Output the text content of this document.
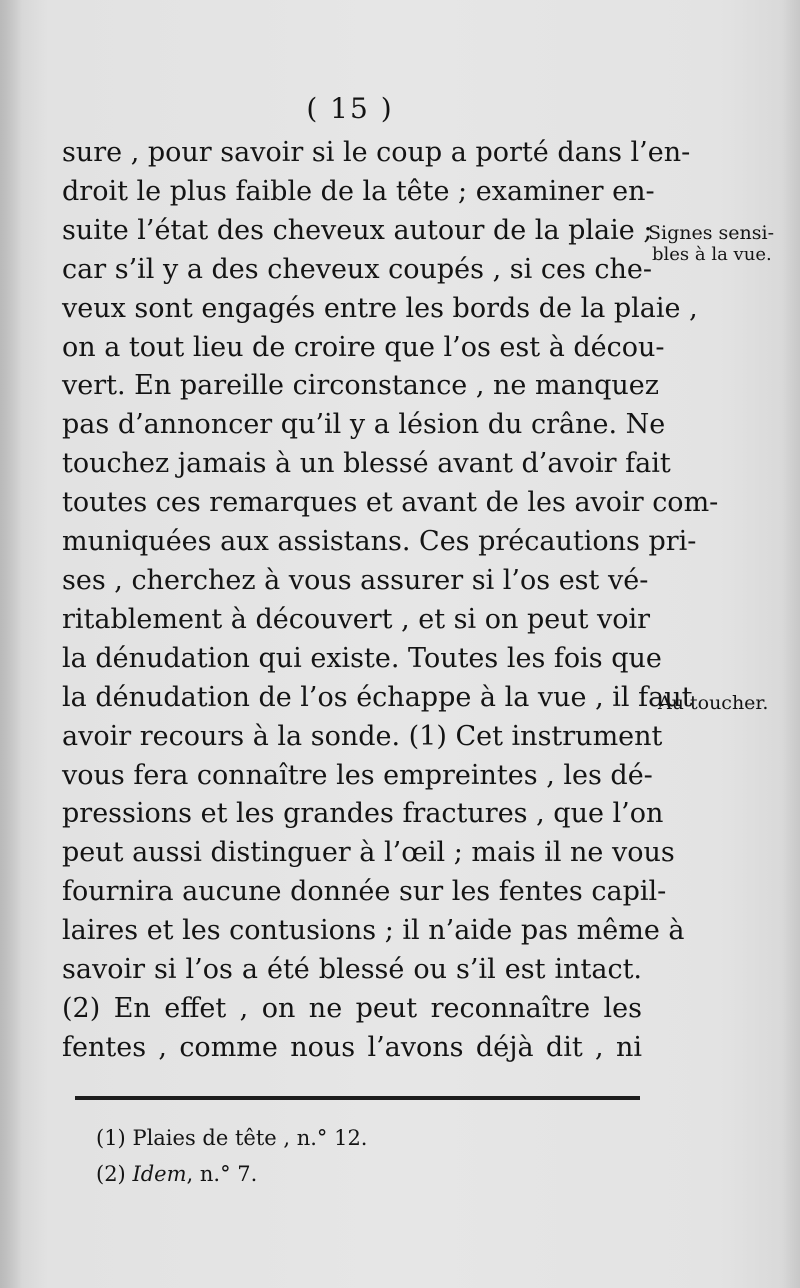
( 15 )
sure , pour savoir si le coup a porté dans l’en-
droit le plus faible de la tête ; examiner en-
suite l’état des cheveux autour de la plaie ;
car s’il y a des cheveux coupés , si ces che-
veux sont engagés entre les bords de la plaie ,
on a tout lieu de croire que l’os est à décou-
vert. En pareille circonstance , ne manquez
pas d’annoncer qu’il y a lésion du crâne. Ne
touchez jamais à un blessé avant d’avoir fait
toutes ces remarques et avant de les avoir com-
muniquées aux assistans. Ces précautions pri-
ses , cherchez à vous assurer si l’os est vé-
ritablement à découvert , et si on peut voir
la dénudation qui existe. Toutes les fois que
la dénudation de l’os échappe à la vue , il faut
avoir recours à la sonde. (1) Cet instrument
vous fera connaître les empreintes , les dé-
pressions et les grandes fractures , que l’on
peut aussi distinguer à l’œil ; mais il ne vous
fournira aucune donnée sur les fentes capil-
laires et les contusions ; il n’aide pas même à
savoir si l’os a été blessé ou s’il est intact.
(2) En effet , on ne peut reconnaître les
fentes , comme nous l’avons déjà dit , ni
Signes sensi-
bles à la vue.
Au toucher.
(1) Plaies de tête , n.° 12.
(2) Idem, n.° 7.
